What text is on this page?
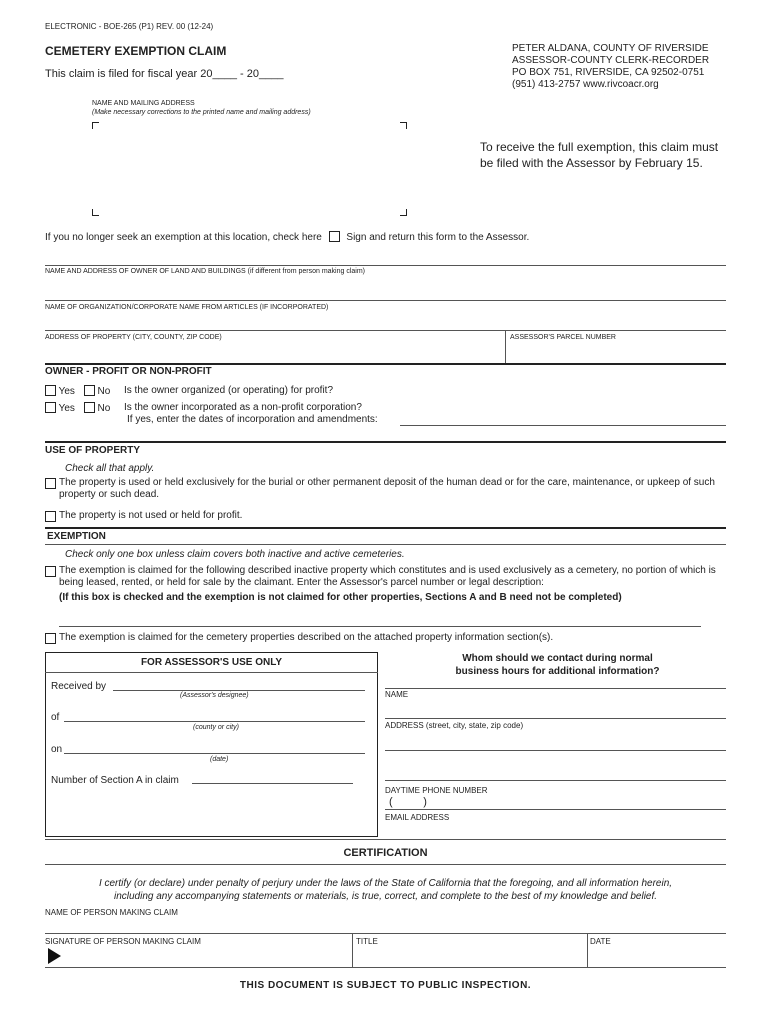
ELECTRONIC - BOE-265 (P1) REV. 00 (12-24)
CEMETERY EXEMPTION CLAIM
This claim is filed for fiscal year 20____ - 20____
PETER ALDANA, COUNTY OF RIVERSIDE
ASSESSOR-COUNTY CLERK-RECORDER
PO BOX 751, RIVERSIDE, CA 92502-0751
(951) 413-2757 www.rivcoacr.org
NAME AND MAILING ADDRESS
(Make necessary corrections to the printed name and mailing address)
To receive the full exemption, this claim must be filed with the Assessor by February 15.
If you no longer seek an exemption at this location, check here Sign and return this form to the Assessor.
NAME AND ADDRESS OF OWNER OF LAND AND BUILDINGS (if different from person making claim)
NAME OF ORGANIZATION/CORPORATE NAME FROM ARTICLES (IF INCORPORATED)
ADDRESS OF PROPERTY (CITY, COUNTY, ZIP CODE)	ASSESSOR'S PARCEL NUMBER
OWNER - PROFIT OR NON-PROFIT
Yes No Is the owner organized (or operating) for profit?
Yes No Is the owner incorporated as a non-profit corporation?
If yes, enter the dates of incorporation and amendments:
USE OF PROPERTY
Check all that apply.
The property is used or held exclusively for the burial or other permanent deposit of the human dead or for the care, maintenance, or upkeep of such property or such dead.
The property is not used or held for profit.
EXEMPTION
Check only one box unless claim covers both inactive and active cemeteries.
The exemption is claimed for the following described inactive property which constitutes and is used exclusively as a cemetery, no portion of which is being leased, rented, or held for sale by the claimant. Enter the Assessor's parcel number or legal description:
(If this box is checked and the exemption is not claimed for other properties, Sections A and B need not be completed)
The exemption is claimed for the cemetery properties described on the attached property information section(s).
FOR ASSESSOR'S USE ONLY
Received by
(Assessor's designee)
of
(county or city)
on
(date)
Number of Section A in claim
Whom should we contact during normal
business hours for additional information?
NAME
ADDRESS (street, city, state, zip code)
DAYTIME PHONE NUMBER
(          )
EMAIL ADDRESS
CERTIFICATION
I certify (or declare) under penalty of perjury under the laws of the State of California that the foregoing, and all information herein,
including any accompanying statements or materials, is true, correct, and complete to the best of my knowledge and belief.
NAME OF PERSON MAKING CLAIM
SIGNATURE OF PERSON MAKING CLAIM	TITLE	DATE
THIS DOCUMENT IS SUBJECT TO PUBLIC INSPECTION.
